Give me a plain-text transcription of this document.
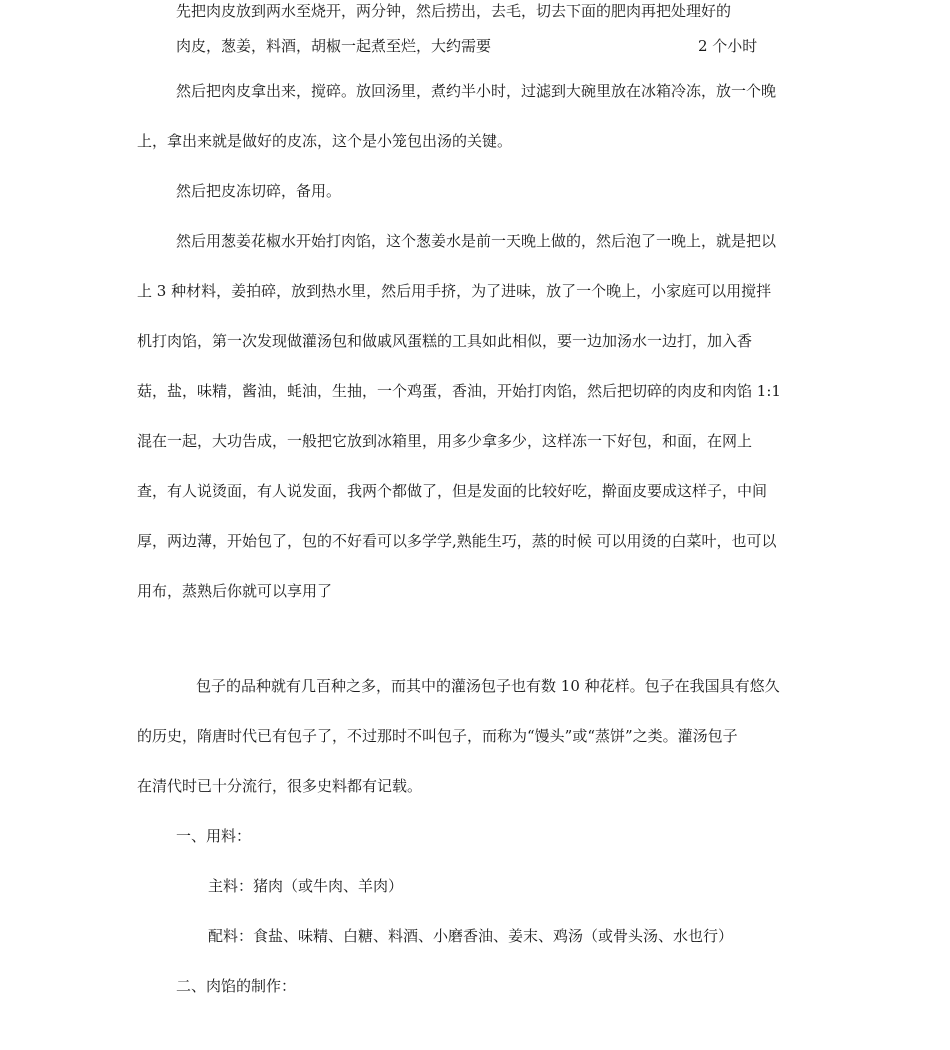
先把肉皮放到两水至烧开，两分钟，然后捞出，去毛，切去下面的肥肉再把处理好的
肉皮，葱姜，料酒，胡椒一起煮至烂，大约需要	2 个小时
然后把肉皮拿出来，搅碎。放回汤里，煮约半小时，过滤到大碗里放在冰箱冷冻，放一个晚
上，拿出来就是做好的皮冻，这个是小笼包出汤的关键。
然后把皮冻切碎，备用。
然后用葱姜花椒水开始打肉馅，这个葱姜水是前一天晚上做的，然后泡了一晚上，就是把以
上 3 种材料，姜拍碎，放到热水里，然后用手挤，为了进味，放了一个晚上，小家庭可以用搅拌
机打肉馅，第一次发现做灌汤包和做戚风蛋糕的工具如此相似，要一边加汤水一边打，加入香
菇，盐，味精，酱油，蚝油，生抽，一个鸡蛋，香油，开始打肉馅，然后把切碎的肉皮和肉馅 1:1
混在一起，大功告成，一般把它放到冰箱里，用多少拿多少，这样冻一下好包，和面，在网上
查，有人说烫面，有人说发面，我两个都做了，但是发面的比较好吃，擀面皮要成这样子，中间
厚，两边薄，开始包了，包的不好看可以多学学,熟能生巧，蒸的时候 可以用烫的白菜叶，也可以
用布，蒸熟后你就可以享用了
包子的品种就有几百种之多，而其中的灌汤包子也有数 10 种花样。包子在我国具有悠久
的历史，隋唐时代已有包子了，不过那时不叫包子，而称为“馒头”或“蒸饼”之类。灌汤包子
在清代时已十分流行，很多史料都有记载。
一、用料：
主料：猪肉（或牛肉、羊肉）
配料：食盐、味精、白糖、料酒、小磨香油、姜末、鸡汤（或骨头汤、水也行）
二、肉馅的制作：
